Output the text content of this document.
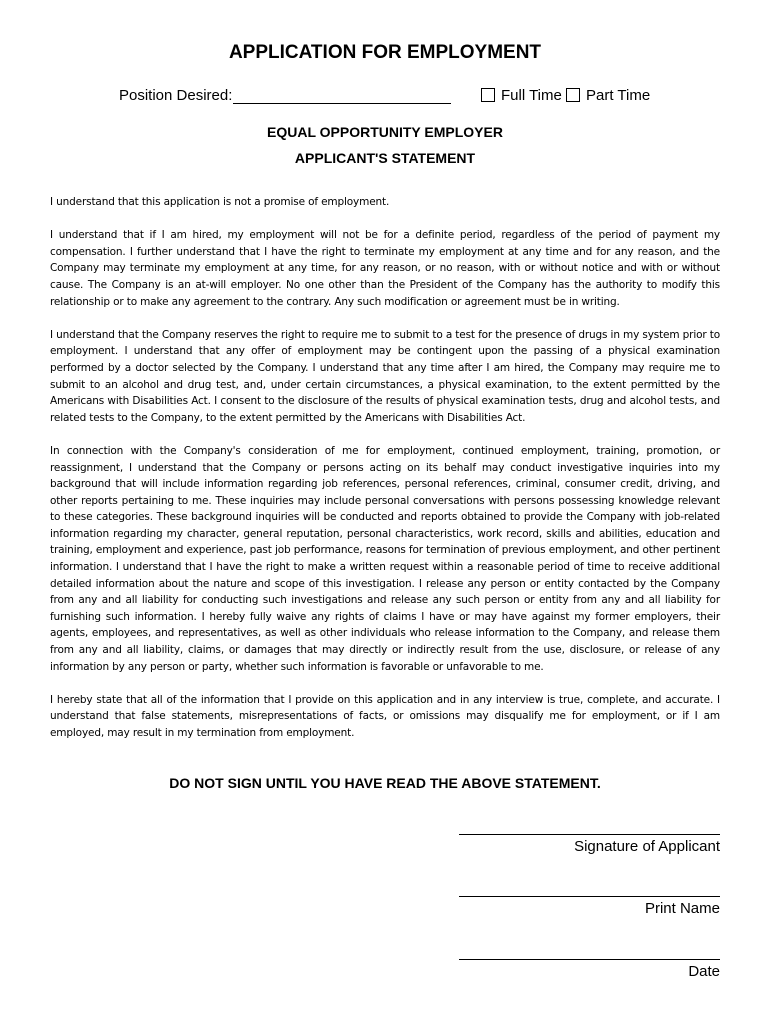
APPLICATION FOR EMPLOYMENT
Position Desired:	Full Time Part Time
EQUAL OPPORTUNITY EMPLOYER
APPLICANT'S STATEMENT

I understand that this application is not a promise of employment.

I understand that if I am hired, my employment will not be for a definite period, regardless of the period of payment my compensation. I further understand that I have the right to terminate my employment at any time and for any reason, and the Company may terminate my employment at any time, for any reason, or no reason, with or without notice and with or without cause. The Company is an at-will employer. No one other than the President of the Company has the authority to modify this relationship or to make any agreement to the contrary. Any such modification or agreement must be in writing.

I understand that the Company reserves the right to require me to submit to a test for the presence of drugs in my system prior to employment. I understand that any offer of employment may be contingent upon the passing of a physical examination performed by a doctor selected by the Company. I understand that any time after I am hired, the Company may require me to submit to an alcohol and drug test, and, under certain circumstances, a physical examination, to the extent permitted by the Americans with Disabilities Act. I consent to the disclosure of the results of physical examination tests, drug and alcohol tests, and related tests to the Company, to the extent permitted by the Americans with Disabilities Act.

In connection with the Company's consideration of me for employment, continued employment, training, promotion, or reassignment, I understand that the Company or persons acting on its behalf may conduct investigative inquiries into my background that will include information regarding job references, personal references, criminal, consumer credit, driving, and other reports pertaining to me. These inquiries may include personal conversations with persons possessing knowledge relevant to these categories. These background inquiries will be conducted and reports obtained to provide the Company with job-related information regarding my character, general reputation, personal characteristics, work record, skills and abilities, education and training, employment and experience, past job performance, reasons for termination of previous employment, and other pertinent information. I understand that I have the right to make a written request within a reasonable period of time to receive additional detailed information about the nature and scope of this investigation. I release any person or entity contacted by the Company from any and all liability for conducting such investigations and release any such person or entity from any and all liability for furnishing such information. I hereby fully waive any rights of claims I have or may have against my former employers, their agents, employees, and representatives, as well as other individuals who release information to the Company, and release them from any and all liability, claims, or damages that may directly or indirectly result from the use, disclosure, or release of any information by any person or party, whether such information is favorable or unfavorable to me.

I hereby state that all of the information that I provide on this application and in any interview is true, complete, and accurate. I understand that false statements, misrepresentations of facts, or omissions may disqualify me for employment, or if I am employed, may result in my termination from employment.

DO NOT SIGN UNTIL YOU HAVE READ THE ABOVE STATEMENT.
Signature of Applicant
Print Name
Date
